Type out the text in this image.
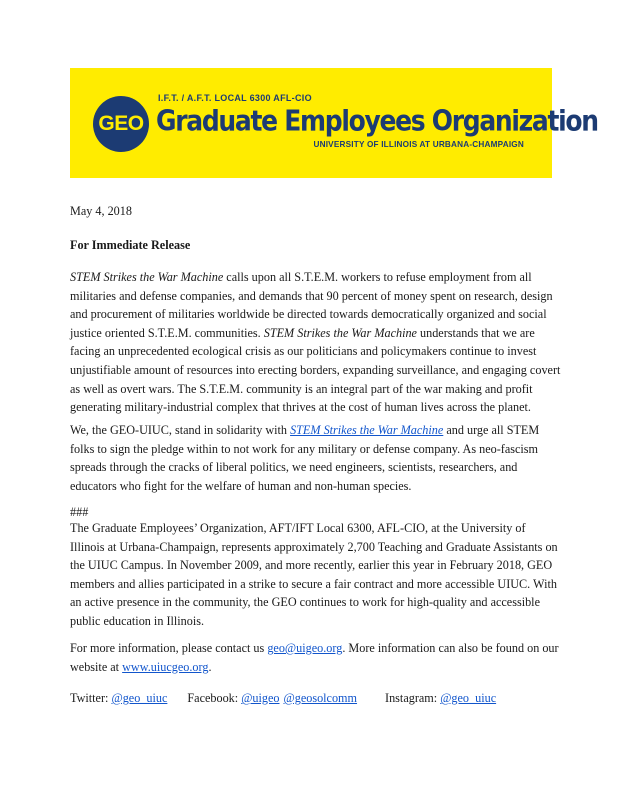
GEO
I.F.T. / A.F.T. LOCAL 6300 AFL-CIO
Graduate Employees Organization
UNIVERSITY OF ILLINOIS AT URBANA-CHAMPAIGN
May 4, 2018
For Immediate Release

STEM Strikes the War Machine calls upon all S.T.E.M. workers to refuse employment from all militaries and defense companies, and demands that 90 percent of money spent on research, design and procurement of militaries worldwide be directed towards democratically organized and social justice oriented S.T.E.M. communities. STEM Strikes the War Machine understands that we are facing an unprecedented ecological crisis as our politicians and policymakers continue to invest unjustifiable amount of resources into erecting borders, expanding surveillance, and engaging covert as well as overt wars. The S.T.E.M. community is an integral part of the war making and profit generating military-industrial complex that thrives at the cost of human lives across the planet.

We, the GEO-UIUC, stand in solidarity with STEM Strikes the War Machine and urge all STEM folks to sign the pledge within to not work for any military or defense company. As neo-fascism spreads through the cracks of liberal politics, we need engineers, scientists, researchers, and educators who fight for the welfare of human and non-human species.

###

The Graduate Employees’ Organization, AFT/IFT Local 6300, AFL-CIO, at the University of Illinois at Urbana-Champaign, represents approximately 2,700 Teaching and Graduate Assistants on the UIUC Campus. In November 2009, and more recently, earlier this year in February 2018, GEO members and allies participated in a strike to secure a fair contract and more accessible UIUC. With an active presence in the community, the GEO continues to work for high-quality and accessible public education in Illinois.

For more information, please contact us geo@uigeo.org. More information can also be found on our website at www.uiucgeo.org.

Twitter: @geo_uiuc Facebook: @uigeo @geosolcomm Instagram: @geo_uiuc
